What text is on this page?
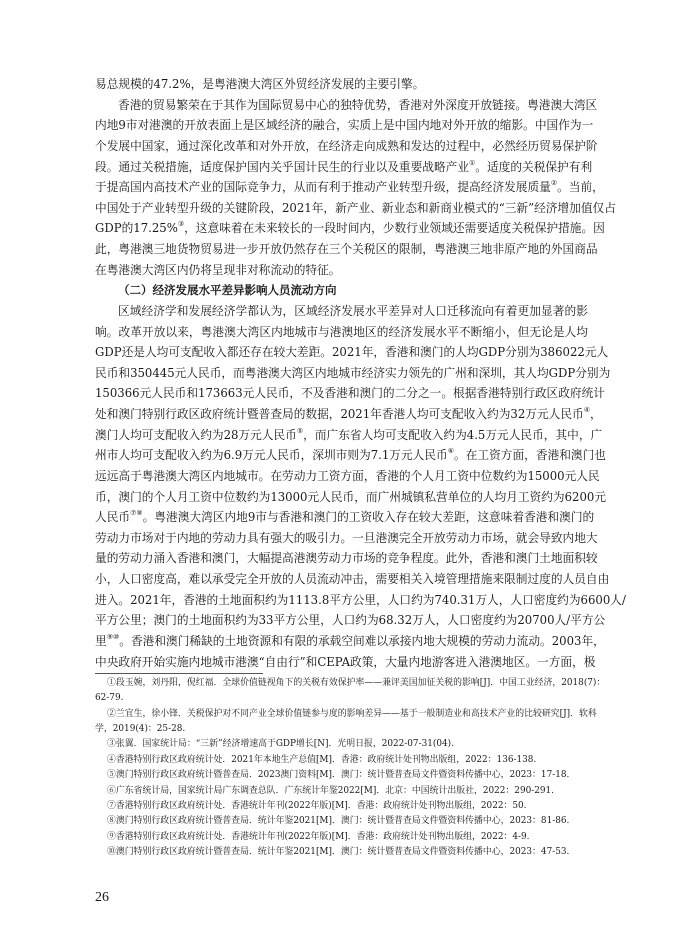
易总规模的47.2%，是粤港澳大湾区外贸经济发展的主要引擎。
香港的贸易繁荣在于其作为国际贸易中心的独特优势，香港对外深度开放链接。粤港澳大湾区
内地9市对港澳的开放表面上是区域经济的融合，实质上是中国内地对外开放的缩影。中国作为一
个发展中国家，通过深化改革和对外开放，在经济走向成熟和发达的过程中，必然经历贸易保护阶
段。通过关税措施，适度保护国内关乎国计民生的行业以及重要战略产业①。适度的关税保护有利
于提高国内高技术产业的国际竞争力，从而有利于推动产业转型升级，提高经济发展质量②。当前，
中国处于产业转型升级的关键阶段，2021年，新产业、新业态和新商业模式的“三新”经济增加值仅占
GDP的17.25%③，这意味着在未来较长的一段时间内，少数行业领域还需要适度关税保护措施。因
此，粤港澳三地货物贸易进一步开放仍然存在三个关税区的限制，粤港澳三地非原产地的外国商品
在粤港澳大湾区内仍将呈现非对称流动的特征。
（二）经济发展水平差异影响人员流动方向
区域经济学和发展经济学都认为，区域经济发展水平差异对人口迁移流向有着更加显著的影
响。改革开放以来，粤港澳大湾区内地城市与港澳地区的经济发展水平不断缩小，但无论是人均
GDP还是人均可支配收入都还存在较大差距。2021年，香港和澳门的人均GDP分别为386022元人
民币和350445元人民币，而粤港澳大湾区内地城市经济实力领先的广州和深圳，其人均GDP分别为
150366元人民币和173663元人民币，不及香港和澳门的二分之一。根据香港特别行政区政府统计
处和澳门特别行政区政府统计暨普查局的数据，2021年香港人均可支配收入约为32万元人民币④，
澳门人均可支配收入约为28万元人民币⑤，而广东省人均可支配收入约为4.5万元人民币，其中，广
州市人均可支配收入约为6.9万元人民币，深圳市则为7.1万元人民币⑥。在工资方面，香港和澳门也
远远高于粤港澳大湾区内地城市。在劳动力工资方面，香港的个人月工资中位数约为15000元人民
币，澳门的个人月工资中位数约为13000元人民币，而广州城镇私营单位的人均月工资约为6200元
人民币⑦⑧。粤港澳大湾区内地9市与香港和澳门的工资收入存在较大差距，这意味着香港和澳门的
劳动力市场对于内地的劳动力具有强大的吸引力。一旦港澳完全开放劳动力市场，就会导致内地大
量的劳动力涌入香港和澳门，大幅提高港澳劳动力市场的竞争程度。此外，香港和澳门土地面积较
小，人口密度高，难以承受完全开放的人员流动冲击，需要相关入境管理措施来限制过度的人员自由
进入。2021年，香港的土地面积约为1113.8平方公里，人口约为740.31万人，人口密度约为6600人/
平方公里；澳门的土地面积约为33平方公里，人口约为68.32万人，人口密度约为20700人/平方公
里⑨⑩。香港和澳门稀缺的土地资源和有限的承载空间难以承接内地大规模的劳动力流动。2003年，
中央政府开始实施内地城市港澳“自由行”和CEPA政策，大量内地游客进入港澳地区。一方面，极
①段玉婉，刘丹阳，倪红福．全球价值链视角下的关税有效保护率——兼评美国加征关税的影响[J]．中国工业经济，2018(7)：
62-79.
②兰宜生，徐小锋．关税保护对不同产业全球价值链参与度的影响差异——基于一般制造业和高技术产业的比较研究[J]．软科
学，2019(4)：25-28.
③张翼．国家统计局：“三新”经济增速高于GDP增长[N]．光明日报，2022-07-31(04).
④香港特别行政区政府统计处．2021年本地生产总值[M]．香港：政府统计处刊物出版组，2022：136-138.
⑤澳门特别行政区政府统计暨普查局．2023澳门资料[M]．澳门：统计暨普查局文件暨资料传播中心，2023：17-18.
⑥广东省统计局，国家统计局广东调查总队．广东统计年鉴2022[M]．北京：中国统计出版社，2022：290-291.
⑦香港特别行政区政府统计处．香港统计年刊(2022年版)[M]．香港：政府统计处刊物出版组，2022：50.
⑧澳门特别行政区政府统计暨普查局．统计年鉴2021[M]．澳门：统计暨普查局文件暨资料传播中心，2023：81-86.
⑨香港特别行政区政府统计处．香港统计年刊(2022年版)[M]．香港：政府统计处刊物出版组，2022：4-9.
⑩澳门特别行政区政府统计暨普查局．统计年鉴2021[M]．澳门：统计暨普查局文件暨资料传播中心，2023：47-53.
26
